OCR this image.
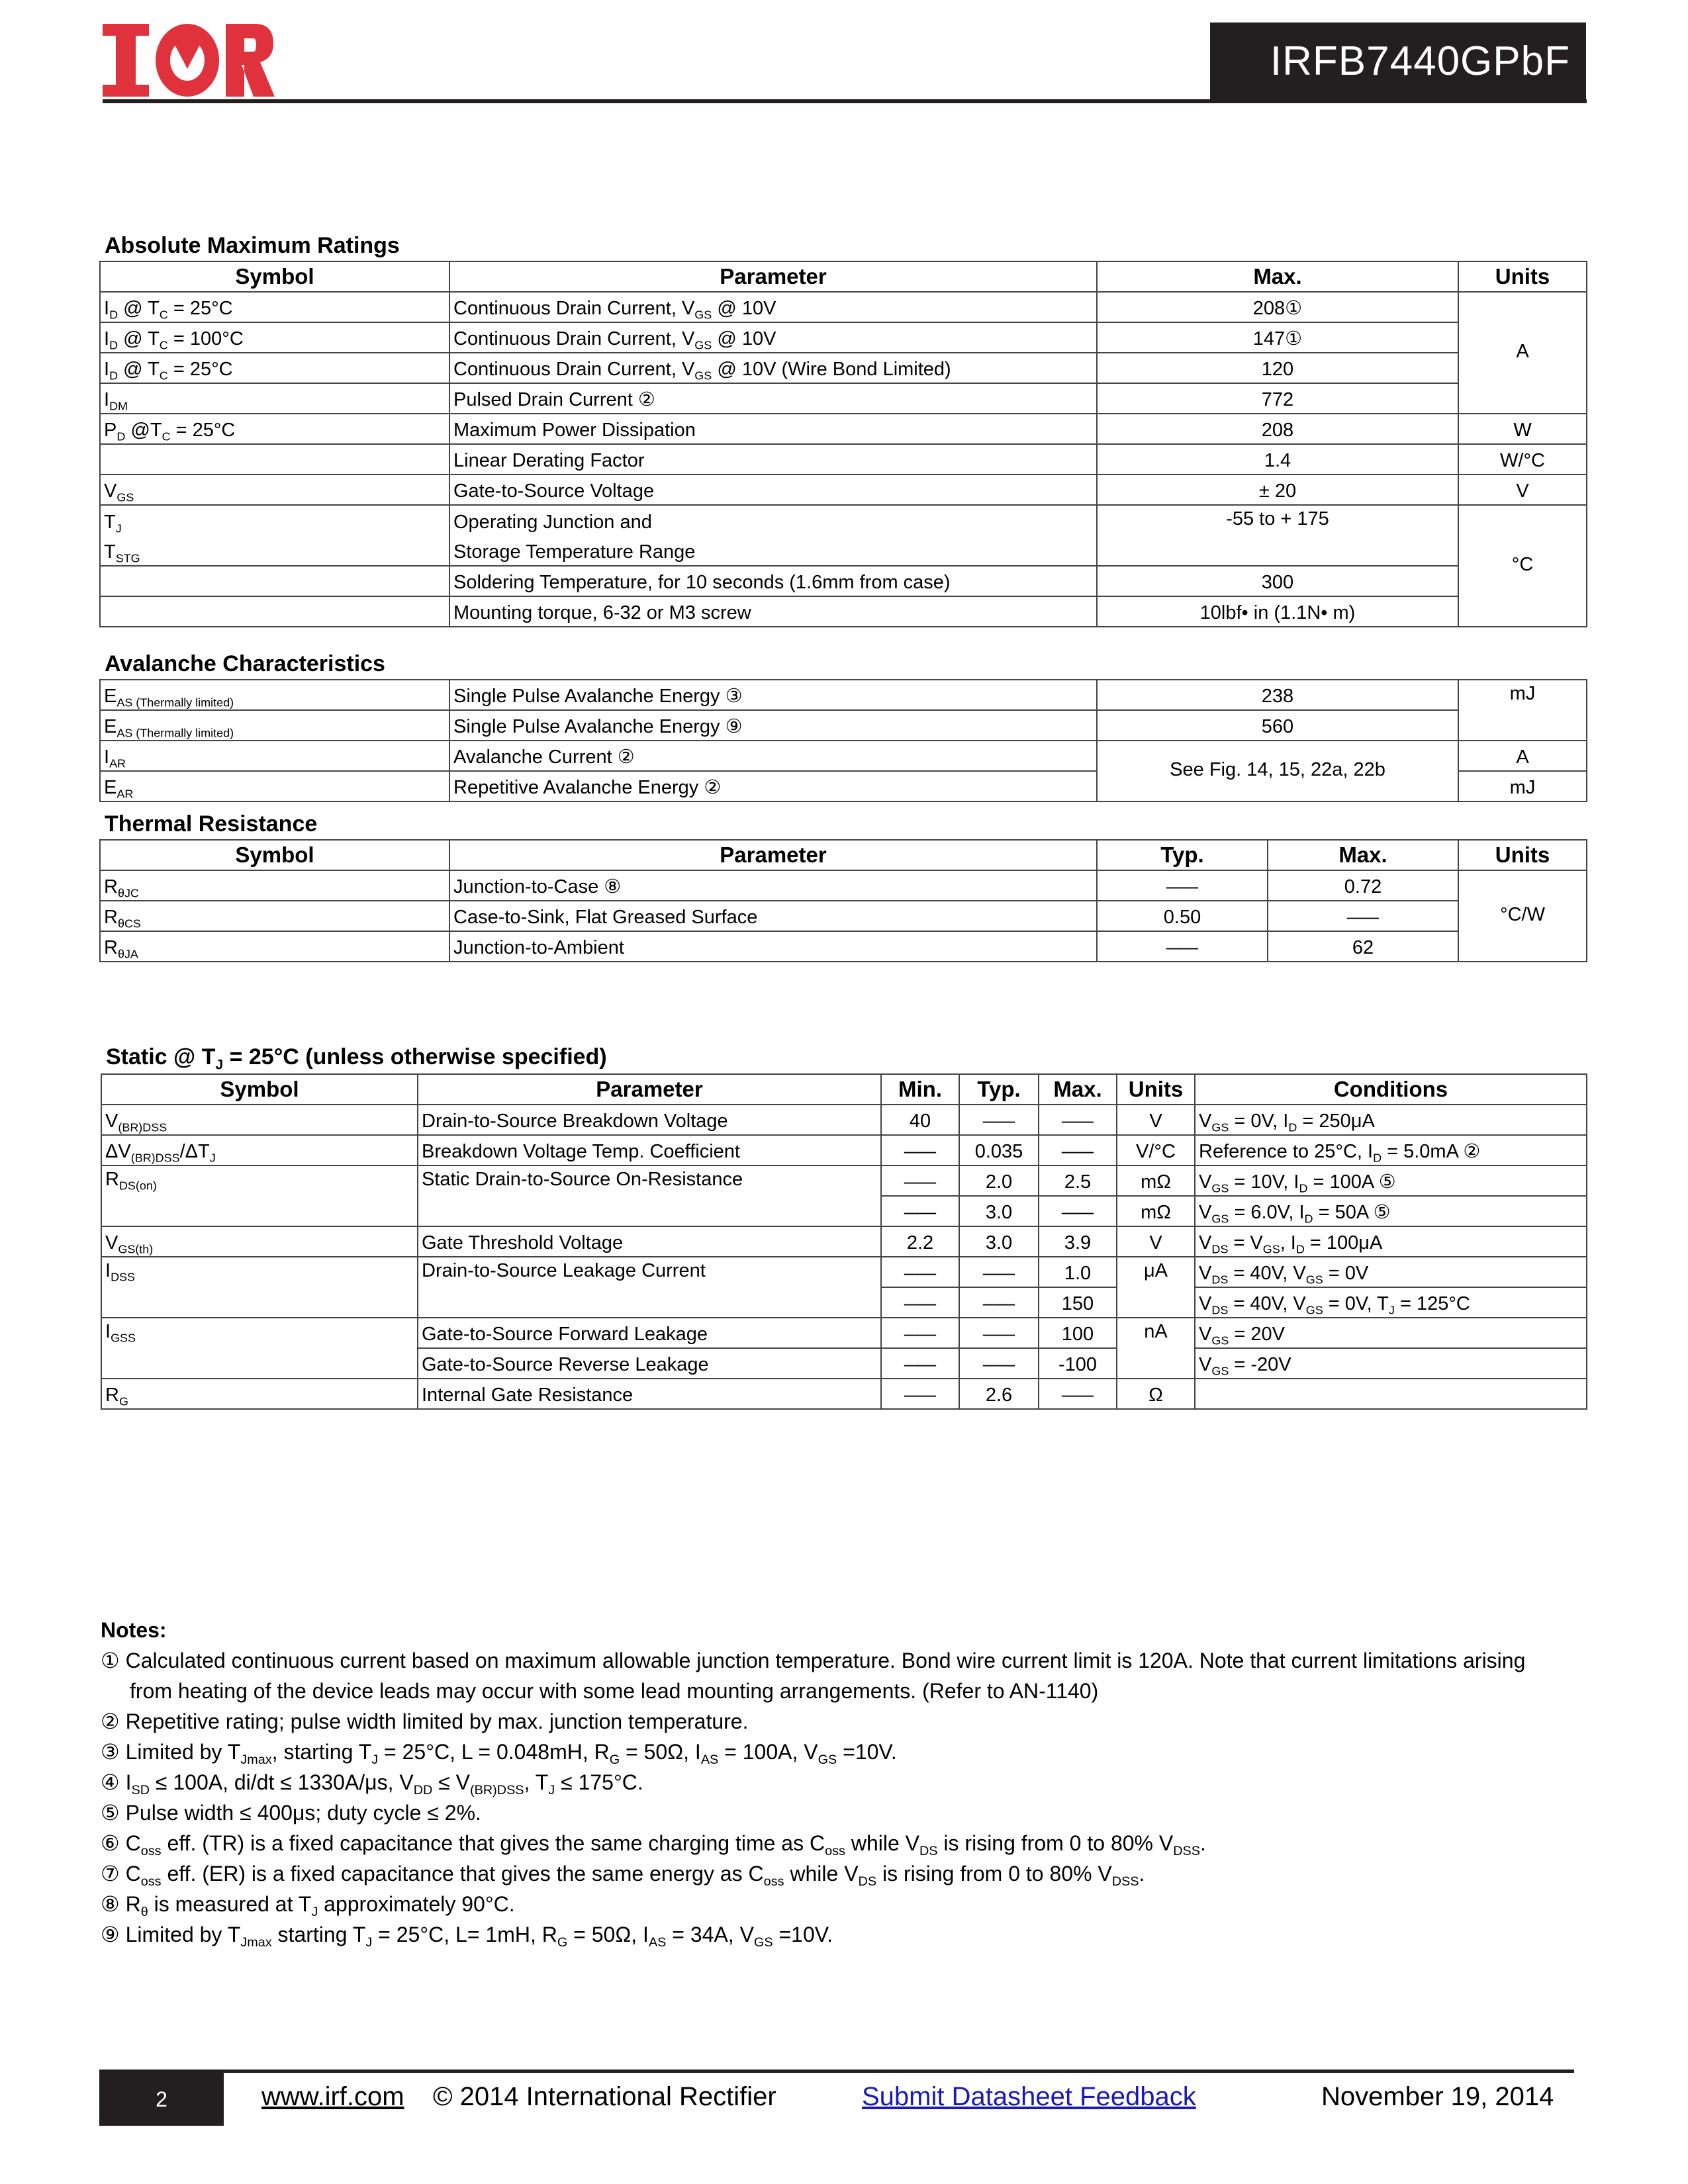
IRFB7440GPbF
Absolute Maximum Ratings
Symbol	Parameter	Max.	Units
$I_D$ @ $T_C = 25^\circ C$	Continuous Drain Current, $V_{GS}$ @ 10V	208①	A
$I_D$ @ $T_C = 100^\circ C$	Continuous Drain Current, $V_{GS}$ @ 10V	147①	
$I_D$ @ $T_C = 25^\circ C$	Continuous Drain Current, $V_{GS}$ @ 10V (Wire Bond Limited)	120	
$I_{DM}$	Pulsed Drain Current ②	772	
$P_D$ $@T_C = 25^\circ C$	Maximum Power Dissipation	208	W
	Linear Derating Factor	1.4	W/°C
$V_{GS}$	Gate-to-Source Voltage	± 20	V
$T_J$	Operating Junction and	-55 to + 175	°C
$T_{STG}$	Storage Temperature Range		
	Soldering Temperature, for 10 seconds (1.6mm from case)	300	
	Mounting torque, 6-32 or M3 screw	10lbf• in (1.1N• m)	
Avalanche Characteristics
$E_{AS (Thermally limited)}$	Single Pulse Avalanche Energy ③	238	mJ
$E_{AS (Thermally limited)}$	Single Pulse Avalanche Energy ⑨	560	
$I_{AR}$	Avalanche Current ②	See Fig. 14, 15, 22a, 22b	A
$E_{AR}$	Repetitive Avalanche Energy ②		mJ
Thermal Resistance
Symbol	Parameter	Typ.	Max.	Units
$R_{\theta JC}$	Junction-to-Case ⑧	–––	0.72	°C/W
$R_{\theta CS}$	Case-to-Sink, Flat Greased Surface	0.50	–––	
$R_{\theta JA}$	Junction-to-Ambient	–––	62	
Static @ $T_J = 25^\circ C$ (unless otherwise specified)
Symbol	Parameter	Min.	Typ.	Max.	Units	Conditions
$V_{(BR)DSS}$	Drain-to-Source Breakdown Voltage	40	–––	–––	V	$V_{GS} = 0V$, $I_D = 250\mu A$
$\Delta V_{(BR)DSS}/\Delta T_J$	Breakdown Voltage Temp. Coefficient	–––	0.035	–––	V/°C	Reference to 25°C, $I_D = 5.0mA$ ②
$R_{DS(on)}$	Static Drain-to-Source On-Resistance	–––	2.0	2.5	mΩ	$V_{GS} = 10V$, $I_D = 100A$ ⑤
		–––	3.0	–––	mΩ	$V_{GS} = 6.0V$, $I_D = 50A$ ⑤
$V_{GS(th)}$	Gate Threshold Voltage	2.2	3.0	3.9	V	$V_{DS} = V_{GS}$, $I_D = 100\mu A$
$I_{DSS}$	Drain-to-Source Leakage Current	–––	–––	1.0	μA	$V_{DS} = 40V$, $V_{GS} = 0V$
		–––	–––	150		$V_{DS} = 40V$, $V_{GS} = 0V$, $T_J = 125^\circ C$
$I_{GSS}$	Gate-to-Source Forward Leakage	–––	–––	100	nA	$V_{GS} = 20V$
	Gate-to-Source Reverse Leakage	–––	–––	-100		$V_{GS} = -20V$
$R_G$	Internal Gate Resistance	–––	2.6	–––	Ω	
Notes:
① Calculated continuous current based on maximum allowable junction temperature. Bond wire current limit is 120A. Note that current limitations arising
from heating of the device leads may occur with some lead mounting arrangements. (Refer to AN-1140)
② Repetitive rating; pulse width limited by max. junction temperature.
③ Limited by $T_{Jmax}$, starting $T_J = 25^\circ C$, L = 0.048mH, $R_G = 50\Omega$, $I_{AS} = 100A$, $V_{GS} =10V$.
④ $I_{SD} \le 100A$, di/dt ≤ 1330A/μs, $V_{DD} \le V_{(BR)DSS}$, $T_J \le 175^\circ C$.
⑤ Pulse width ≤ 400μs; duty cycle ≤ 2%.
⑥ $C_{oss}$ eff. (TR) is a fixed capacitance that gives the same charging time as $C_{oss}$ while $V_{DS}$ is rising from 0 to 80% $V_{DSS}$.
⑦ $C_{oss}$ eff. (ER) is a fixed capacitance that gives the same energy as $C_{oss}$ while $V_{DS}$ is rising from 0 to 80% $V_{DSS}$.
⑧ $R_\theta$ is measured at $T_J$ approximately 90°C.
⑨ Limited by $T_{Jmax}$ starting $T_J = 25^\circ C$, L= 1mH, $R_G = 50\Omega$, $I_{AS} = 34A$, $V_{GS} =10V$.
2	www.irf.com © 2014 International Rectifier	Submit Datasheet Feedback	November 19, 2014
